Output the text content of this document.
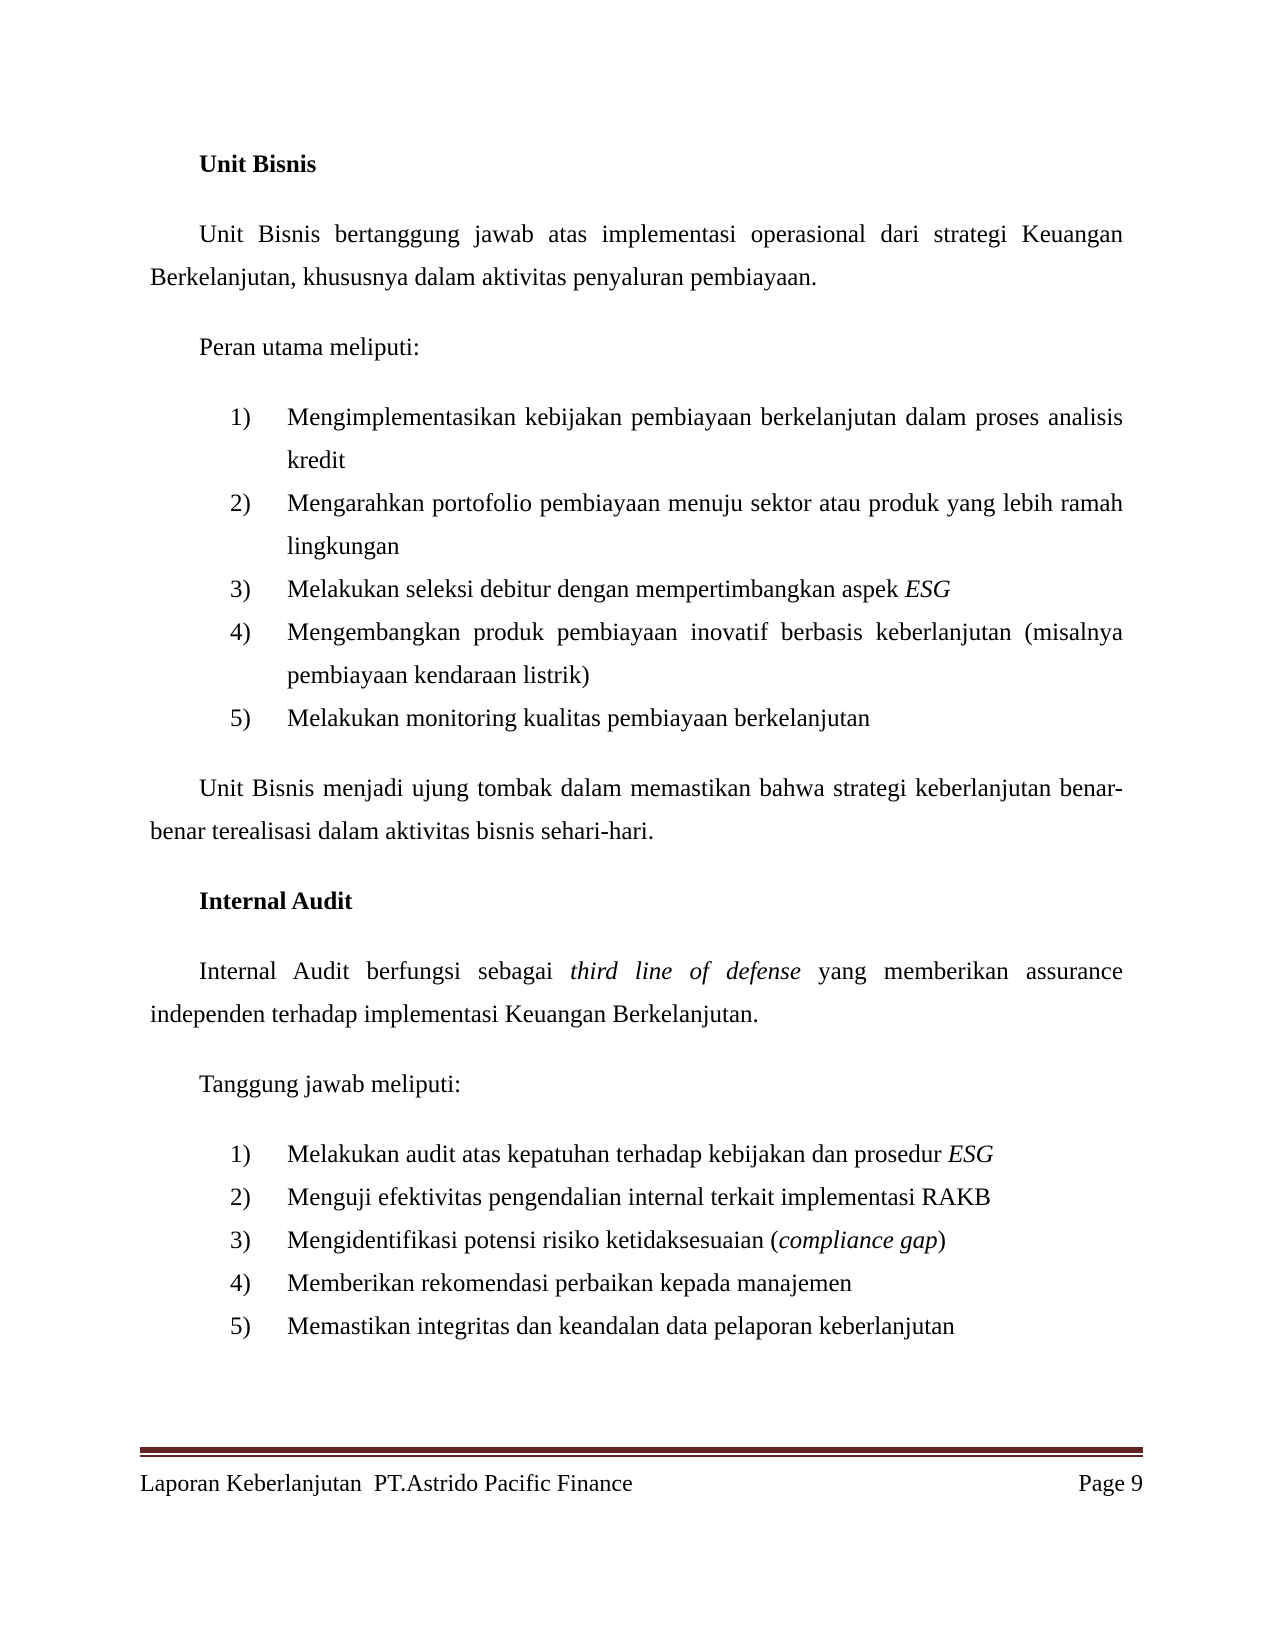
Unit Bisnis

Unit Bisnis bertanggung jawab atas implementasi operasional dari strategi Keuangan Berkelanjutan, khususnya dalam aktivitas penyaluran pembiayaan.

Peran utama meliputi:

1) Mengimplementasikan kebijakan pembiayaan berkelanjutan dalam proses analisis kredit
2) Mengarahkan portofolio pembiayaan menuju sektor atau produk yang lebih ramah lingkungan
3) Melakukan seleksi debitur dengan mempertimbangkan aspek ESG
4) Mengembangkan produk pembiayaan inovatif berbasis keberlanjutan (misalnya pembiayaan kendaraan listrik)
5) Melakukan monitoring kualitas pembiayaan berkelanjutan

Unit Bisnis menjadi ujung tombak dalam memastikan bahwa strategi keberlanjutan benar-benar terealisasi dalam aktivitas bisnis sehari-hari.

Internal Audit

Internal Audit berfungsi sebagai third line of defense yang memberikan assurance independen terhadap implementasi Keuangan Berkelanjutan.

Tanggung jawab meliputi:

1) Melakukan audit atas kepatuhan terhadap kebijakan dan prosedur ESG
2) Menguji efektivitas pengendalian internal terkait implementasi RAKB
3) Mengidentifikasi potensi risiko ketidaksesuaian (compliance gap)
4) Memberikan rekomendasi perbaikan kepada manajemen
5) Memastikan integritas dan keandalan data pelaporan keberlanjutan
Laporan Keberlanjutan  PT.Astrido Pacific Finance	Page 9
